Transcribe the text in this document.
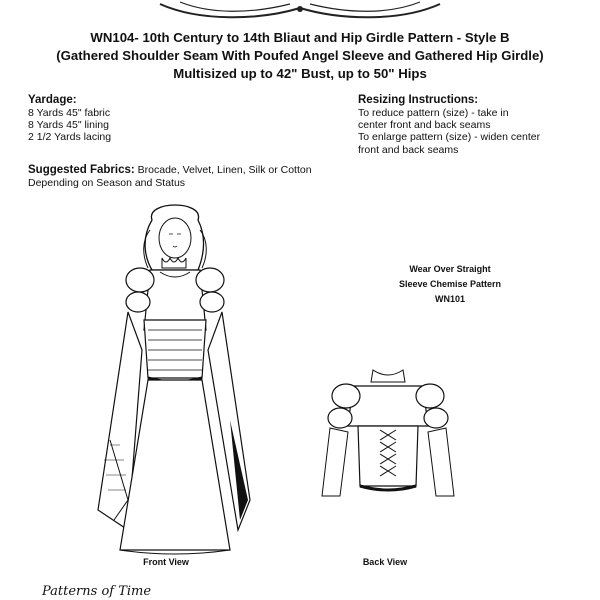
WN104- 10th Century to 14th Bliaut and Hip Girdle Pattern - Style B
(Gathered Shoulder Seam With Poufed Angel Sleeve and Gathered Hip Girdle)
Multisized up to 42" Bust, up to 50" Hips
Yardage:
8 Yards 45" fabric
8 Yards 45" lining
2 1/2 Yards lacing
Resizing Instructions:
To reduce pattern (size) - take in
center front and back seams
To enlarge pattern (size) - widen center
front and back seams
Suggested Fabrics: Brocade, Velvet, Linen, Silk or Cotton
Depending on Season and Status
Wear Over Straight
Sleeve Chemise Pattern
WN101
Front View	Back View
Patterns of Time
